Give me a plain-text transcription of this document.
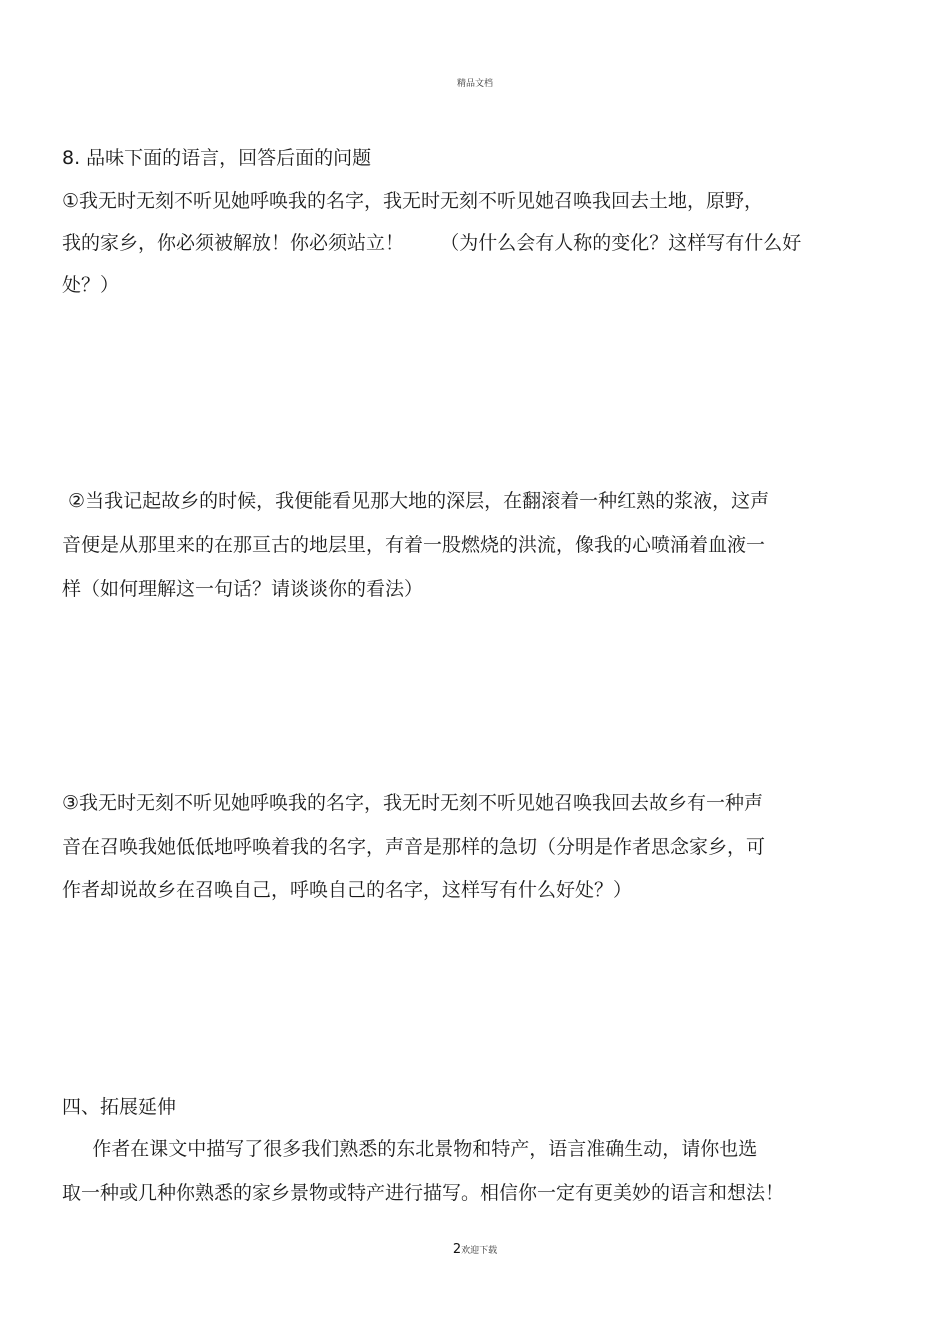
精品文档
8. 品味下面的语言，回答后面的问题
①我无时无刻不听见她呼唤我的名字，我无时无刻不听见她召唤我回去土地，原野，
我的家乡，你必须被解放！你必须站立！      （为什么会有人称的变化？这样写有什么好
处？）
②当我记起故乡的时候，我便能看见那大地的深层，在翻滚着一种红熟的浆液，这声
音便是从那里来的在那亘古的地层里，有着一股燃烧的洪流，像我的心喷涌着血液一
样（如何理解这一句话？请谈谈你的看法）
③我无时无刻不听见她呼唤我的名字，我无时无刻不听见她召唤我回去故乡有一种声
音在召唤我她低低地呼唤着我的名字，声音是那样的急切（分明是作者思念家乡，可
作者却说故乡在召唤自己，呼唤自己的名字，这样写有什么好处？）
四、拓展延伸
作者在课文中描写了很多我们熟悉的东北景物和特产，语言准确生动，请你也选
取一种或几种你熟悉的家乡景物或特产进行描写。相信你一定有更美妙的语言和想法！
2欢迎下载
